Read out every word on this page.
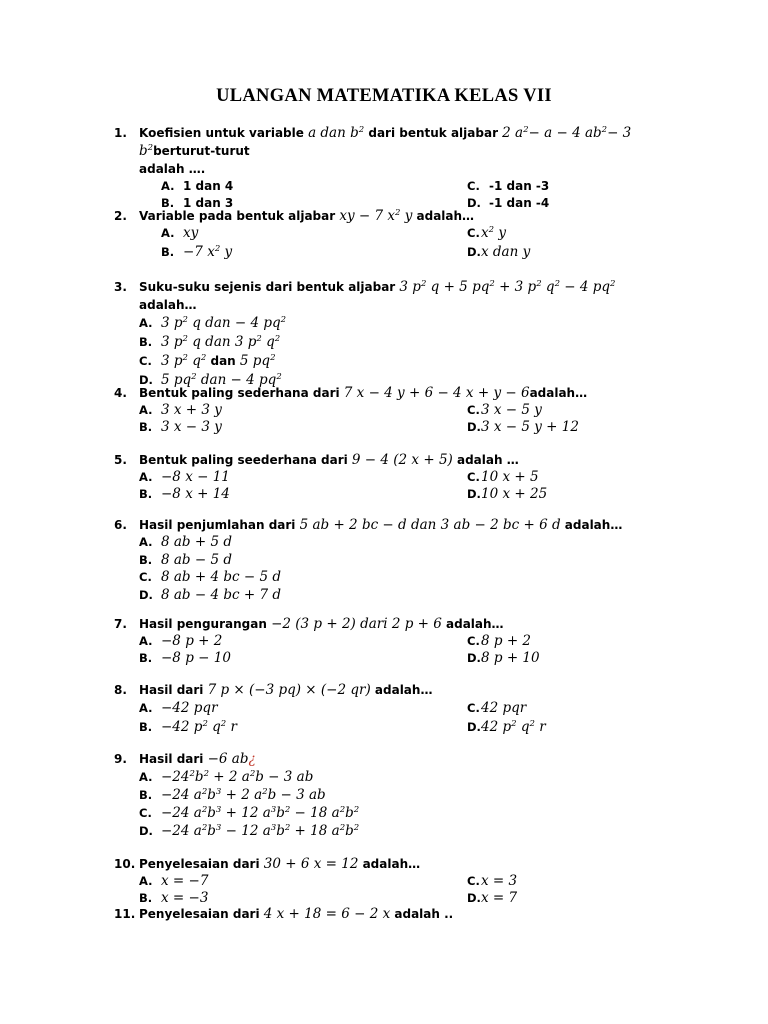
ULANGAN MATEMATIKA KELAS VII
1.	Koefisien untuk variable a dan $b^2$ dari bentuk aljabar 2 $a^2- a - 4$ $ab^2- 3$ $b^2berturut$-turut
adalah ….
A. 1 dan 4	C. -1 dan -3
B. 1 dan 3	D. -1 dan -4
2.	Variable pada bentuk aljabar xy − 7 $x^2$ y adalah…
A. xy	$C.x^2$ y
B. −7 $x^2$ y	D.x dan y
3.	Suku-suku sejenis dari bentuk aljabar 3 $p^2$ q + 5 $pq^2 + 3$ $p^2$ $q^2 - 4$ $pq^2$ adalah…
A. 3 $p^2$ q dan − 4 $pq^2$
B. 3 $p^2$ q dan 3 $p^2$ $q^2$
C. 3 $p^2$ $q^2$ dan 5 $pq^2$
D. 5 $pq^2$ dan − 4 $pq^2$
4.	Bentuk paling sederhana dari 7 x − 4 y + 6 − 4 x + y − 6adalah…
A. 3 x + 3 y	C.3 x − 5 y
B. 3 x − 3 y	D.3 x − 5 y + 12
5.	Bentuk paling seederhana dari 9 − 4 (2 x + 5) adalah …
A. −8 x − 11	C.10 x + 5
B. −8 x + 14	D.10 x + 25
6.	Hasil penjumlahan dari 5 ab + 2 bc − d dan 3 ab − 2 bc + 6 d adalah…
A. 8 ab + 5 d
B. 8 ab − 5 d
C. 8 ab + 4 bc − 5 d
D. 8 ab − 4 bc + 7 d
7.	Hasil pengurangan −2 (3 p + 2) dari 2 p + 6 adalah…
A. −8 p + 2	C.8 p + 2
B. −8 p − 10	D.8 p + 10
8.	Hasil dari 7 p × (−3 pq) × (−2 qr) adalah…
A. −42 pqr	C.42 pqr
B. −42 $p^2$ $q^2$ r	D.42 $p^2$ $q^2$ r
9.	Hasil dari −6 ab¿
A. $-24^2b^2 + 2$ $a^2b - 3$ ab
B. −24 $a^2b^3 + 2$ $a^2b - 3$ ab
C. −24 $a^2b^3 + 12$ $a^3b^2 - 18$ $a^2b^2$
D. −24 $a^2b^3 - 12$ $a^3b^2 + 18$ $a^2b^2$
10. Penyelesaian dari 30 + 6 x = 12 adalah…
A. x = −7	C.x = 3
B. x = −3	D.x = 7
11. Penyelesaian dari 4 x + 18 = 6 − 2 x adalah ..
